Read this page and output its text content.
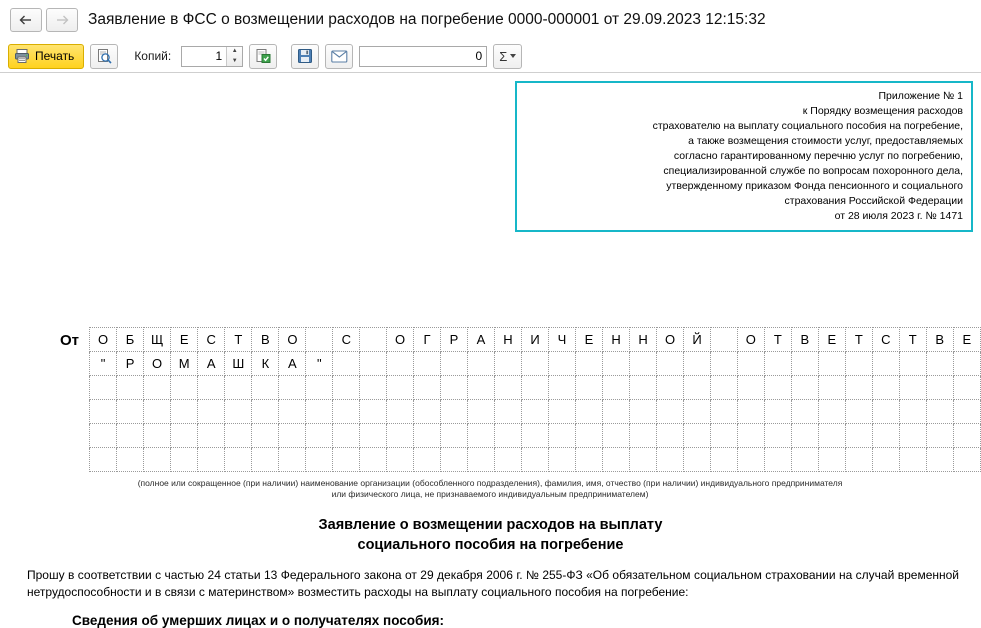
Заявление в ФСС о возмещении расходов на погребение 0000-000001 от 29.09.2023 12:15:32
Печать	Копий:	1	▲
▼	0	Σ
Приложение № 1
к Порядку возмещения расходов
страхователю на выплату социального пособия на погребение,
а также возмещения стоимости услуг, предоставляемых
согласно гарантированному перечню услуг по погребению,
специализированной службе по вопросам похоронного дела,
утвержденному приказом Фонда пенсионного и социального
страхования Российской Федерации
от 28 июля 2023 г. № 1471
От О	Б	Щ	Е	С	Т	В	О		С		О	Г	Р	А	Н	И	Ч	Е	Н	Н	О	Й		О	Т	В	Е	Т	С	Т	В	Е
"	Р	О	М	А	Ш	К	А	"																								

(полное или сокращенное (при наличии) наименование организации (обособленного подразделения), фамилия, имя, отчество (при наличии) индивидуального предпринимателя
или физического лица, не признаваемого индивидуальным предпринимателем)
Заявление о возмещении расходов на выплату
социального пособия на погребение
Прошу в соответствии с частью 24 статьи 13 Федерального закона от 29 декабря 2006 г. № 255-ФЗ «Об обязательном социальном страховании на случай временной нетрудоспособности и в связи с материнством» возместить расходы на выплату социального пособия на погребение:
Сведения об умерших лицах и о получателях пособия:
